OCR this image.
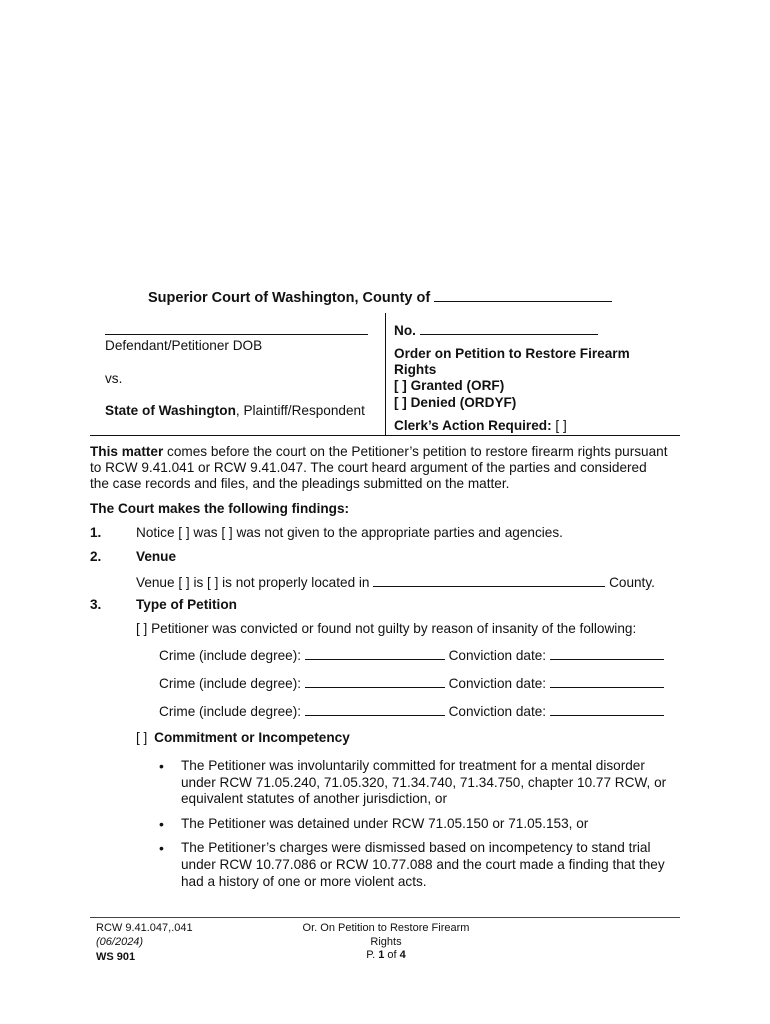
Superior Court of Washington, County of
Defendant/Petitioner DOB
vs.
State of Washington, Plaintiff/Respondent
No.
Order on Petition to Restore Firearm
Rights
[ ] Granted (ORF)
[ ] Denied (ORDYF)
Clerk’s Action Required: [ ]
This matter comes before the court on the Petitioner’s petition to restore firearm rights pursuant
to RCW 9.41.041 or RCW 9.41.047. The court heard argument of the parties and considered
the case records and files, and the pleadings submitted on the matter.
The Court makes the following findings:
1.	Notice [ ] was [ ] was not given to the appropriate parties and agencies.
2.	Venue
Venue [ ] is [ ] is not properly located in	County.
3.	Type of Petition
[ ] Petitioner was convicted or found not guilty by reason of insanity of the following:
Crime (include degree):	Conviction date:
Crime (include degree):	Conviction date:
Crime (include degree):	Conviction date:
[ ] Commitment or Incompetency
• The Petitioner was involuntarily committed for treatment for a mental disorder
under RCW 71.05.240, 71.05.320, 71.34.740, 71.34.750, chapter 10.77 RCW, or
equivalent statutes of another jurisdiction, or
• The Petitioner was detained under RCW 71.05.150 or 71.05.153, or
• The Petitioner’s charges were dismissed based on incompetency to stand trial
under RCW 10.77.086 or RCW 10.77.088 and the court made a finding that they
had a history of one or more violent acts.
RCW 9.41.047,.041
(06/2024)
WS 901
Or. On Petition to Restore Firearm
Rights
P. 1 of 4
